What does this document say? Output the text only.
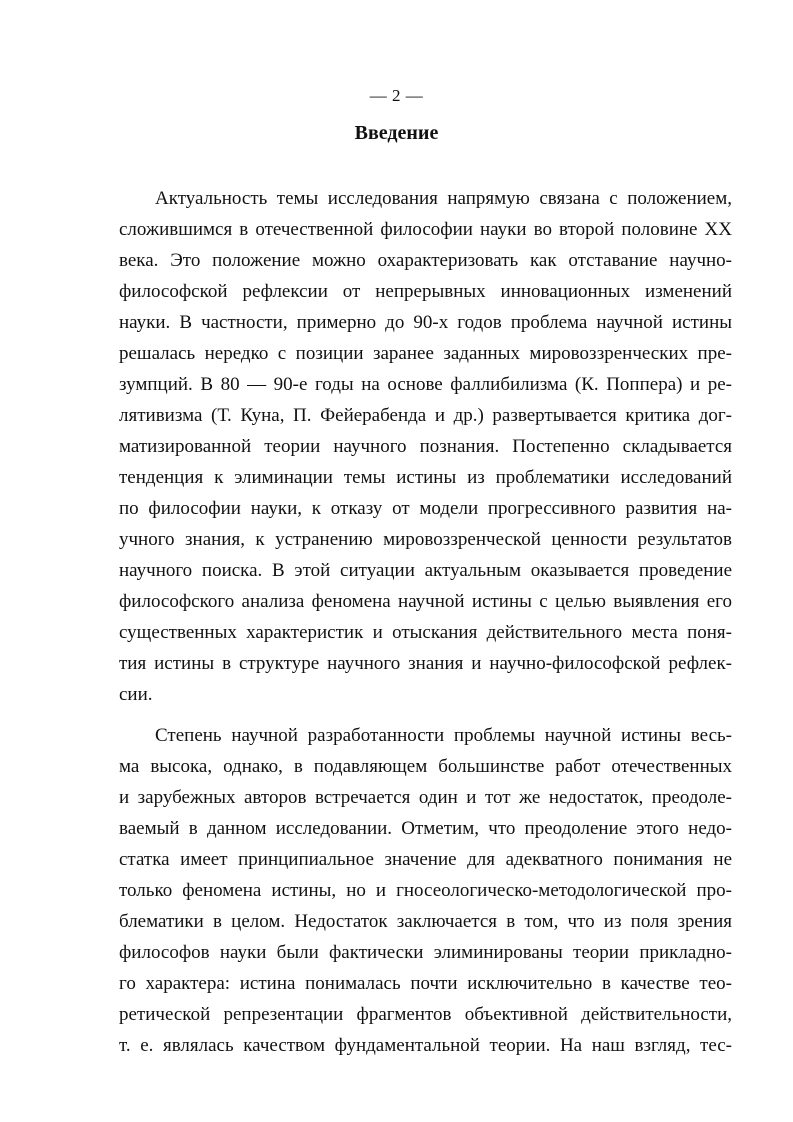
— 2 —
Введение
Актуальность темы исследования напрямую связана с положением,
сложившимся в отечественной философии науки во второй половине XX
века. Это положение можно охарактеризовать как отставание научно-
философской рефлексии от непрерывных инновационных изменений
науки. В частности, примерно до 90-х годов проблема научной истины
решалась нередко с позиции заранее заданных мировоззренческих пре-
зумпций. В 80 — 90-е годы на основе фаллибилизма (К. Поппера) и ре-
лятивизма (Т. Куна, П. Фейерабенда и др.) развертывается критика дог-
матизированной теории научного познания. Постепенно складывается
тенденция к элиминации темы истины из проблематики исследований
по философии науки, к отказу от модели прогрессивного развития на-
учного знания, к устранению мировоззренческой ценности результатов
научного поиска. В этой ситуации актуальным оказывается проведение
философского анализа феномена научной истины с целью выявления его
существенных характеристик и отыскания действительного места поня-
тия истины в структуре научного знания и научно-философской рефлек-
сии.
Степень научной разработанности проблемы научной истины весь-
ма высока, однако, в подавляющем большинстве работ отечественных
и зарубежных авторов встречается один и тот же недостаток, преодоле-
ваемый в данном исследовании. Отметим, что преодоление этого недо-
статка имеет принципиальное значение для адекватного понимания не
только феномена истины, но и гносеологическо-методологической про-
блематики в целом. Недостаток заключается в том, что из поля зрения
философов науки были фактически элиминированы теории прикладно-
го характера: истина понималась почти исключительно в качестве тео-
ретической репрезентации фрагментов объективной действительности,
т. е. являлась качеством фундаментальной теории. На наш взгляд, тес-
